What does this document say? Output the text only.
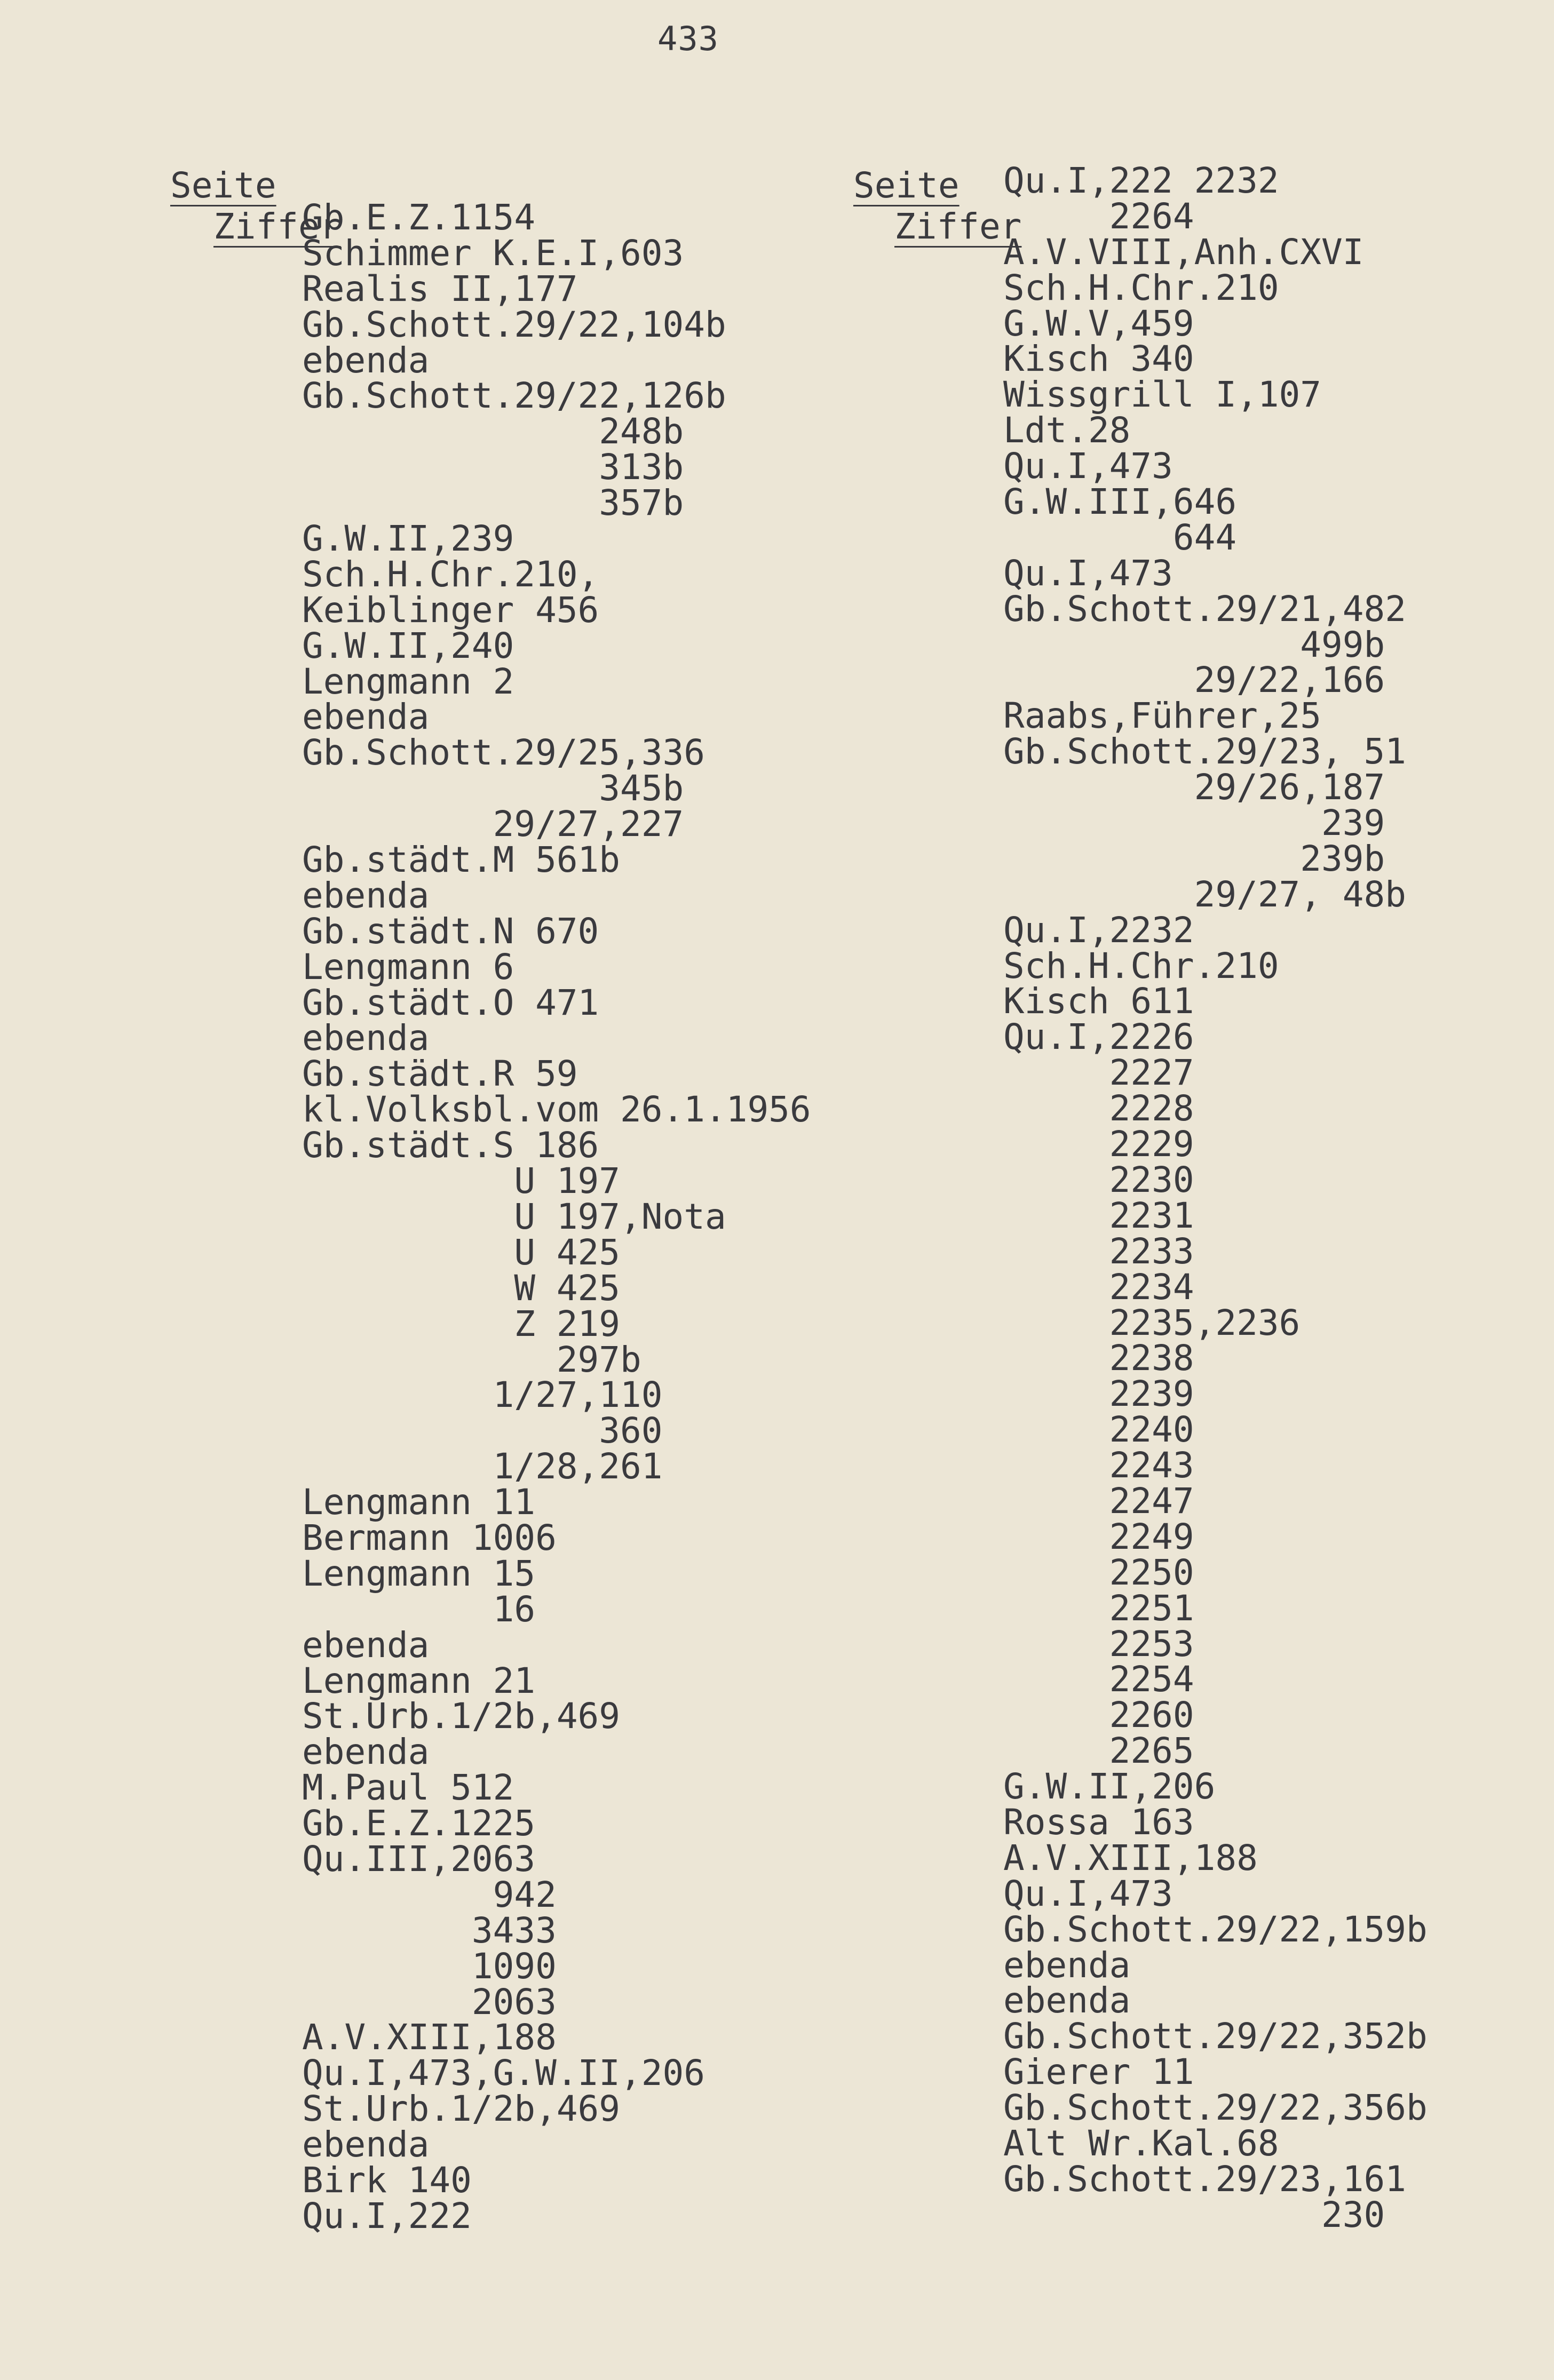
433

Seite

Ziffer

Seite

Ziffer

Gb.E.Z.1154
Schimmer K.E.I,603
Realis II,177
Gb.Schott.29/22,104b
ebenda
Gb.Schott.29/22,126b
248b
313b
357b
G.W.II,239
Sch.H.Chr.210,
Keiblinger 456
G.W.II,240
Lengmann 2
ebenda
Gb.Schott.29/25,336
345b
29/27,227
Gb.städt.M 561b
ebenda
Gb.städt.N 670
Lengmann 6
Gb.städt.O 471
ebenda
Gb.städt.R 59
kl.Volksbl.vom 26.1.1956
Gb.städt.S 186
U 197
U 197,Nota
U 425
W 425
Z 219
297b
1/27,110
360
1/28,261
Lengmann 11
Bermann 1006
Lengmann 15
16
ebenda
Lengmann 21
St.Urb.1/2b,469
ebenda
M.Paul 512
Gb.E.Z.1225
Qu.III,2063
942
3433
1090
2063
A.V.XIII,188
Qu.I,473,G.W.II,206
St.Urb.1/2b,469
ebenda
Birk 140
Qu.I,222
Qu.I,222 2232
2264
A.V.VIII,Anh.CXVI
Sch.H.Chr.210
G.W.V,459
Kisch 340
Wissgrill I,107
Ldt.28
Qu.I,473
G.W.III,646
644
Qu.I,473
Gb.Schott.29/21,482
499b
29/22,166
Raabs,Führer,25
Gb.Schott.29/23, 51
29/26,187
239
239b
29/27, 48b
Qu.I,2232
Sch.H.Chr.210
Kisch 611
Qu.I,2226
2227
2228
2229
2230
2231
2233
2234
2235,2236
2238
2239
2240
2243
2247
2249
2250
2251
2253
2254
2260
2265
G.W.II,206
Rossa 163
A.V.XIII,188
Qu.I,473
Gb.Schott.29/22,159b
ebenda
ebenda
Gb.Schott.29/22,352b
Gierer 11
Gb.Schott.29/22,356b
Alt Wr.Kal.68
Gb.Schott.29/23,161
230
